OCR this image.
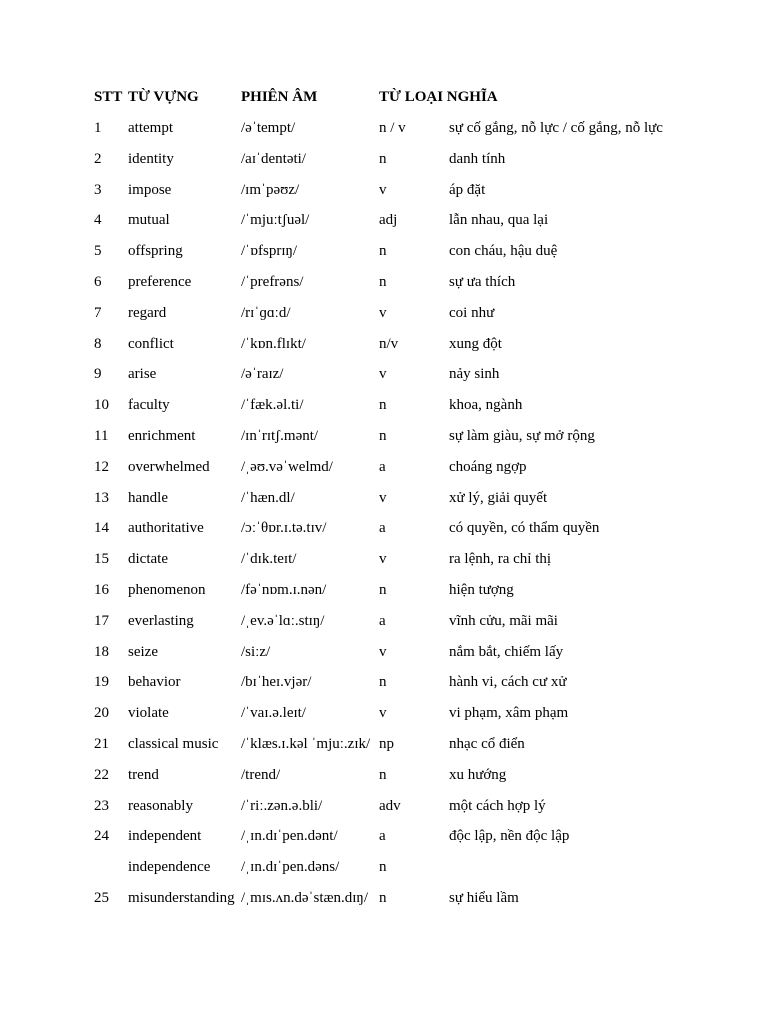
STT TỪ VỰNG	PHIÊN ÂM	TỪ LOẠI NGHĨA
1 attempt	/əˈtempt/	n / v	sự cố gắng, nỗ lực / cố gắng, nỗ lực
2 identity	/aɪˈdentəti/	n	danh tính
3 impose	/ɪmˈpəʊz/	v	áp đặt
4 mutual	/ˈmjuːtʃuəl/	adj	lẫn nhau, qua lại
5 offspring	/ˈɒfsprɪŋ/	n	con cháu, hậu duệ
6 preference	/ˈprefrəns/	n	sự ưa thích
7 regard	/rɪˈɡɑːd/	v	coi như
8 conflict	/ˈkɒn.flɪkt/	n/v	xung đột
9 arise	/əˈraɪz/	v	nảy sinh
10 faculty	/ˈfæk.əl.ti/	n	khoa, ngành
11 enrichment	/ɪnˈrɪtʃ.mənt/	n	sự làm giàu, sự mở rộng
12 overwhelmed /ˌəʊ.vəˈwelmd/	a	choáng ngợp
13 handle	/ˈhæn.dl/	v	xử lý, giải quyết
14 authoritative /ɔːˈθɒr.ɪ.tə.tɪv/	a	có quyền, có thẩm quyền
15 dictate	/ˈdɪk.teɪt/	v	ra lệnh, ra chỉ thị
16 phenomenon /fəˈnɒm.ɪ.nən/	n	hiện tượng
17 everlasting	/ˌev.əˈlɑː.stɪŋ/	a	vĩnh cửu, mãi mãi
18 seize	/siːz/	v	nắm bắt, chiếm lấy
19 behavior	/bɪˈheɪ.vjər/	n	hành vi, cách cư xử
20 violate	/ˈvaɪ.ə.leɪt/	v	vi phạm, xâm phạm
21 classical music /ˈklæs.ɪ.kəl ˈmjuː.zɪk/ np	nhạc cổ điển
22 trend	/trend/	n	xu hướng
23 reasonably	/ˈriː.zən.ə.bli/	adv	một cách hợp lý
24 independent	/ˌɪn.dɪˈpen.dənt/	a	độc lập, nền độc lập
independence /ˌɪn.dɪˈpen.dəns/	n
25 misunderstanding /ˌmɪs.ʌn.dəˈstæn.dɪŋ/ n	sự hiểu lầm
